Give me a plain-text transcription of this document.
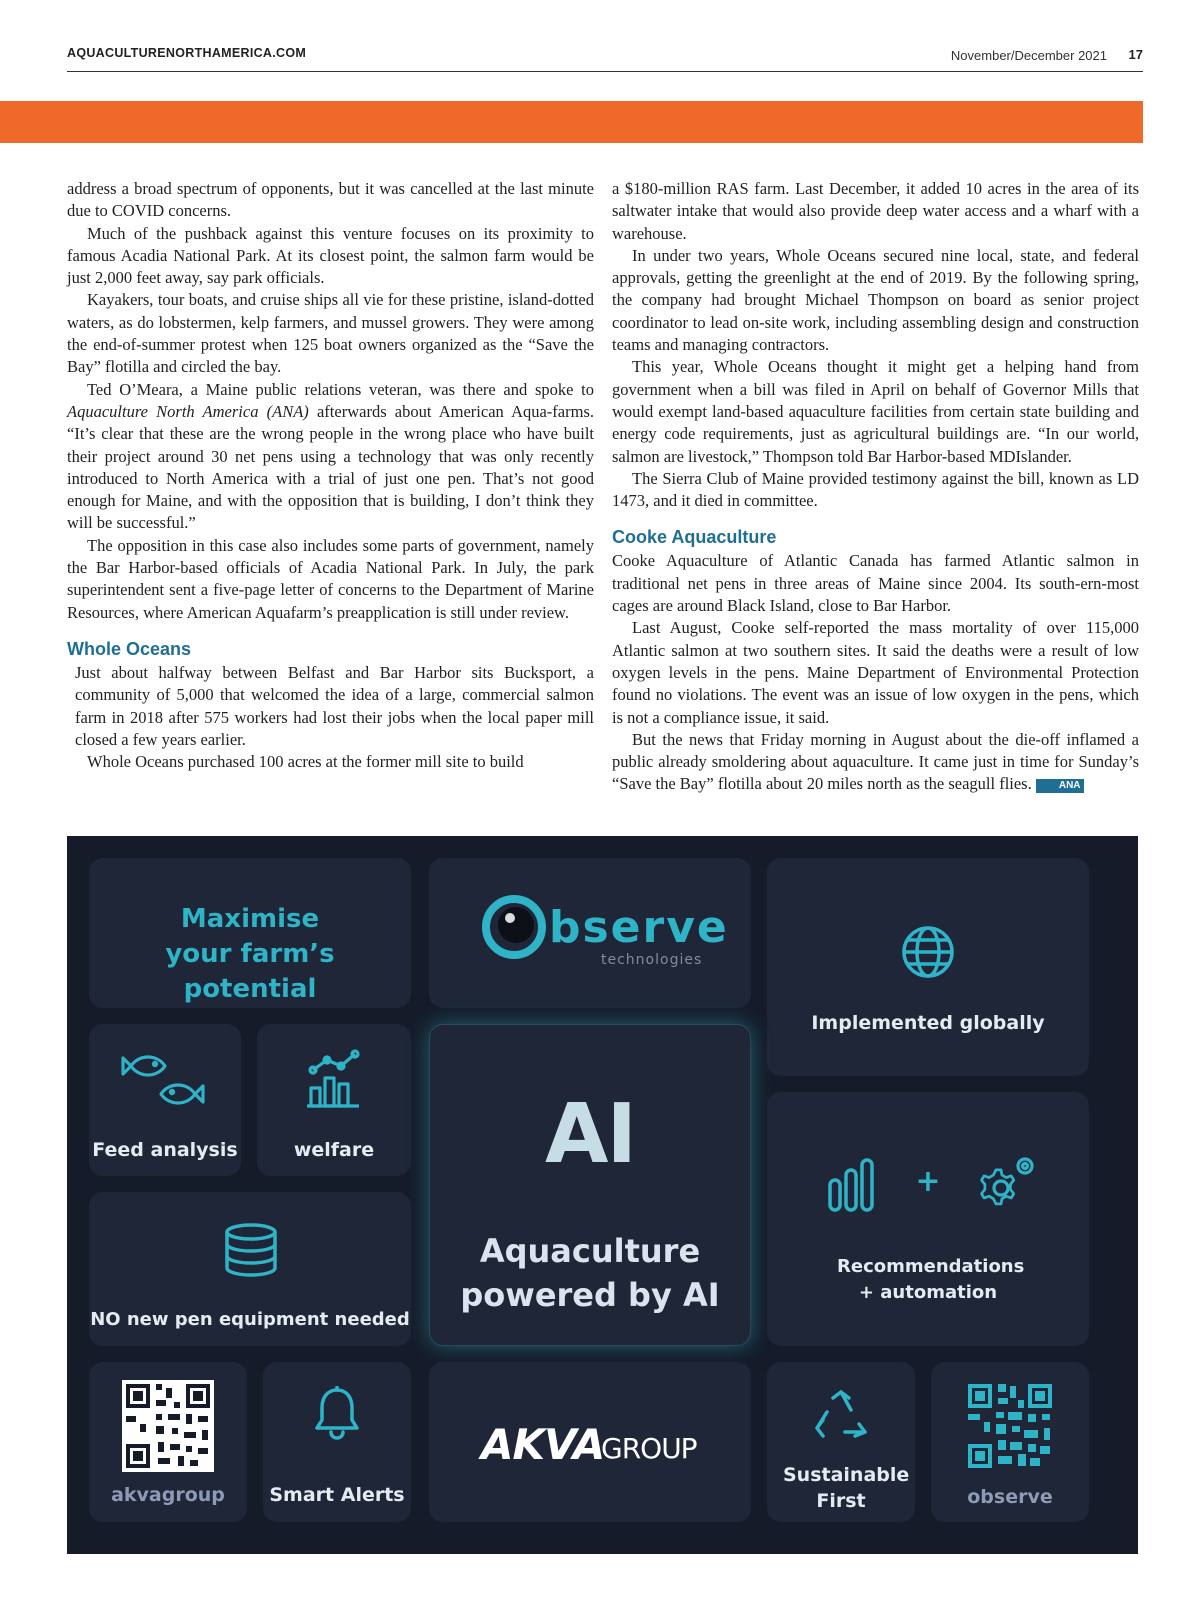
AQUACULTURENORTHAMERICA.COM	November/December 2021 17

address a broad spectrum of opponents, but it was cancelled at the last minute due to COVID concerns.

Much of the pushback against this venture focuses on its proximity to famous Acadia National Park. At its closest point, the salmon farm would be just 2,000 feet away, say park officials.

Kayakers, tour boats, and cruise ships all vie for these pristine, island-dotted waters, as do lobstermen, kelp farmers, and mussel growers. They were among the end-of-summer protest when 125 boat owners organized as the “Save the Bay” flotilla and circled the bay.

Ted O’Meara, a Maine public relations veteran, was there and spoke to Aquaculture North America (ANA) afterwards about American Aqua-farms. “It’s clear that these are the wrong people in the wrong place who have built their project around 30 net pens using a technology that was only recently introduced to North America with a trial of just one pen. That’s not good enough for Maine, and with the opposition that is building, I don’t think they will be successful.”

The opposition in this case also includes some parts of government, namely the Bar Harbor-based officials of Acadia National Park. In July, the park superintendent sent a five-page letter of concerns to the Department of Marine Resources, where American Aquafarm’s preapplication is still under review.

Whole Oceans

Just about halfway between Belfast and Bar Harbor sits Bucksport, a community of 5,000 that welcomed the idea of a large, commercial salmon farm in 2018 after 575 workers had lost their jobs when the local paper mill closed a few years earlier.

Whole Oceans purchased 100 acres at the former mill site to build

a $180-million RAS farm. Last December, it added 10 acres in the area of its saltwater intake that would also provide deep water access and a wharf with a warehouse.

In under two years, Whole Oceans secured nine local, state, and federal approvals, getting the greenlight at the end of 2019. By the following spring, the company had brought Michael Thompson on board as senior project coordinator to lead on-site work, including assembling design and construction teams and managing contractors.

This year, Whole Oceans thought it might get a helping hand from government when a bill was filed in April on behalf of Governor Mills that would exempt land-based aquaculture facilities from certain state building and energy code requirements, just as agricultural buildings are. “In our world, salmon are livestock,” Thompson told Bar Harbor-based MDIslander.

The Sierra Club of Maine provided testimony against the bill, known as LD 1473, and it died in committee.

Cooke Aquaculture

Cooke Aquaculture of Atlantic Canada has farmed Atlantic salmon in traditional net pens in three areas of Maine since 2004. Its south-ern-most cages are around Black Island, close to Bar Harbor.

Last August, Cooke self-reported the mass mortality of over 115,000 Atlantic salmon at two southern sites. It said the deaths were a result of low oxygen levels in the pens. Maine Department of Environmental Protection found no violations. The event was an issue of low oxygen in the pens, which is not a compliance issue, it said.

But the news that Friday morning in August about the die-off inflamed a public already smoldering about aquaculture. It came just in time for Sunday’s “Save the Bay” flotilla about 20 miles north as the seagull flies.	ANA

Maximise your farm’s potential
bserve
technologies
Implemented globally
Feed analysis	welfare	AI
Aquaculture powered by AI
NO new pen equipment needed
+
Recommendations + automation
akvagroup	Smart Alerts
AKVA
GROUP
Sustainable First	observe
